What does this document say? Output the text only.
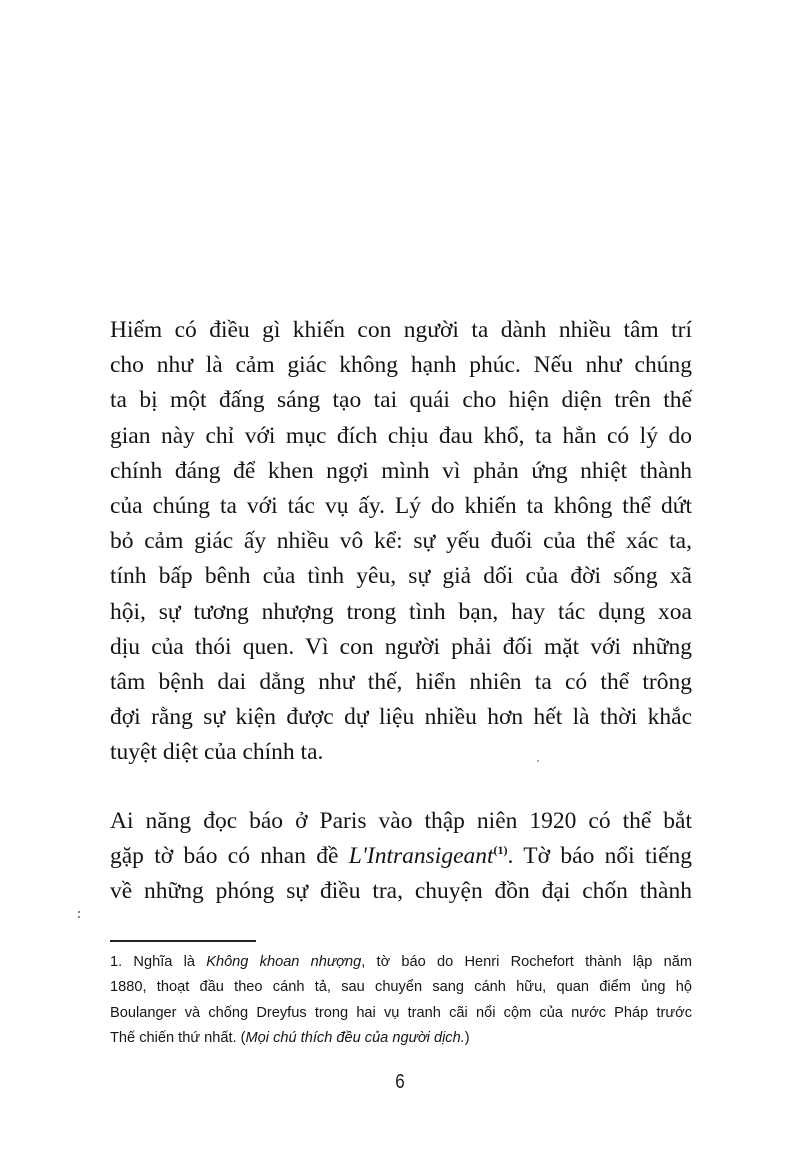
Hiếm có điều gì khiến con người ta dành nhiều tâm trí
cho như là cảm giác không hạnh phúc. Nếu như chúng
ta bị một đấng sáng tạo tai quái cho hiện diện trên thế
gian này chỉ với mục đích chịu đau khổ, ta hẳn có lý do
chính đáng để khen ngợi mình vì phản ứng nhiệt thành
của chúng ta với tác vụ ấy. Lý do khiến ta không thể dứt
bỏ cảm giác ấy nhiều vô kể: sự yếu đuối của thể xác ta,
tính bấp bênh của tình yêu, sự giả dối của đời sống xã
hội, sự tương nhượng trong tình bạn, hay tác dụng xoa
dịu của thói quen. Vì con người phải đối mặt với những
tâm bệnh dai dẳng như thế, hiển nhiên ta có thể trông
đợi rằng sự kiện được dự liệu nhiều hơn hết là thời khắc
tuyệt diệt của chính ta.
Ai năng đọc báo ở Paris vào thập niên 1920 có thể bắt
gặp tờ báo có nhan đề L'Intransigeant$^{(1)}$. Tờ báo nổi tiếng
về những phóng sự điều tra, chuyện đồn đại chốn thành
1. Nghĩa là Không khoan nhượng, tờ báo do Henri Rochefort thành lập năm
1880, thoạt đầu theo cánh tả, sau chuyển sang cánh hữu, quan điểm ủng hộ
Boulanger và chống Dreyfus trong hai vụ tranh cãi nổi cộm của nước Pháp trước
Thế chiến thứ nhất. (Mọi chú thích đều của người dịch.)
6
